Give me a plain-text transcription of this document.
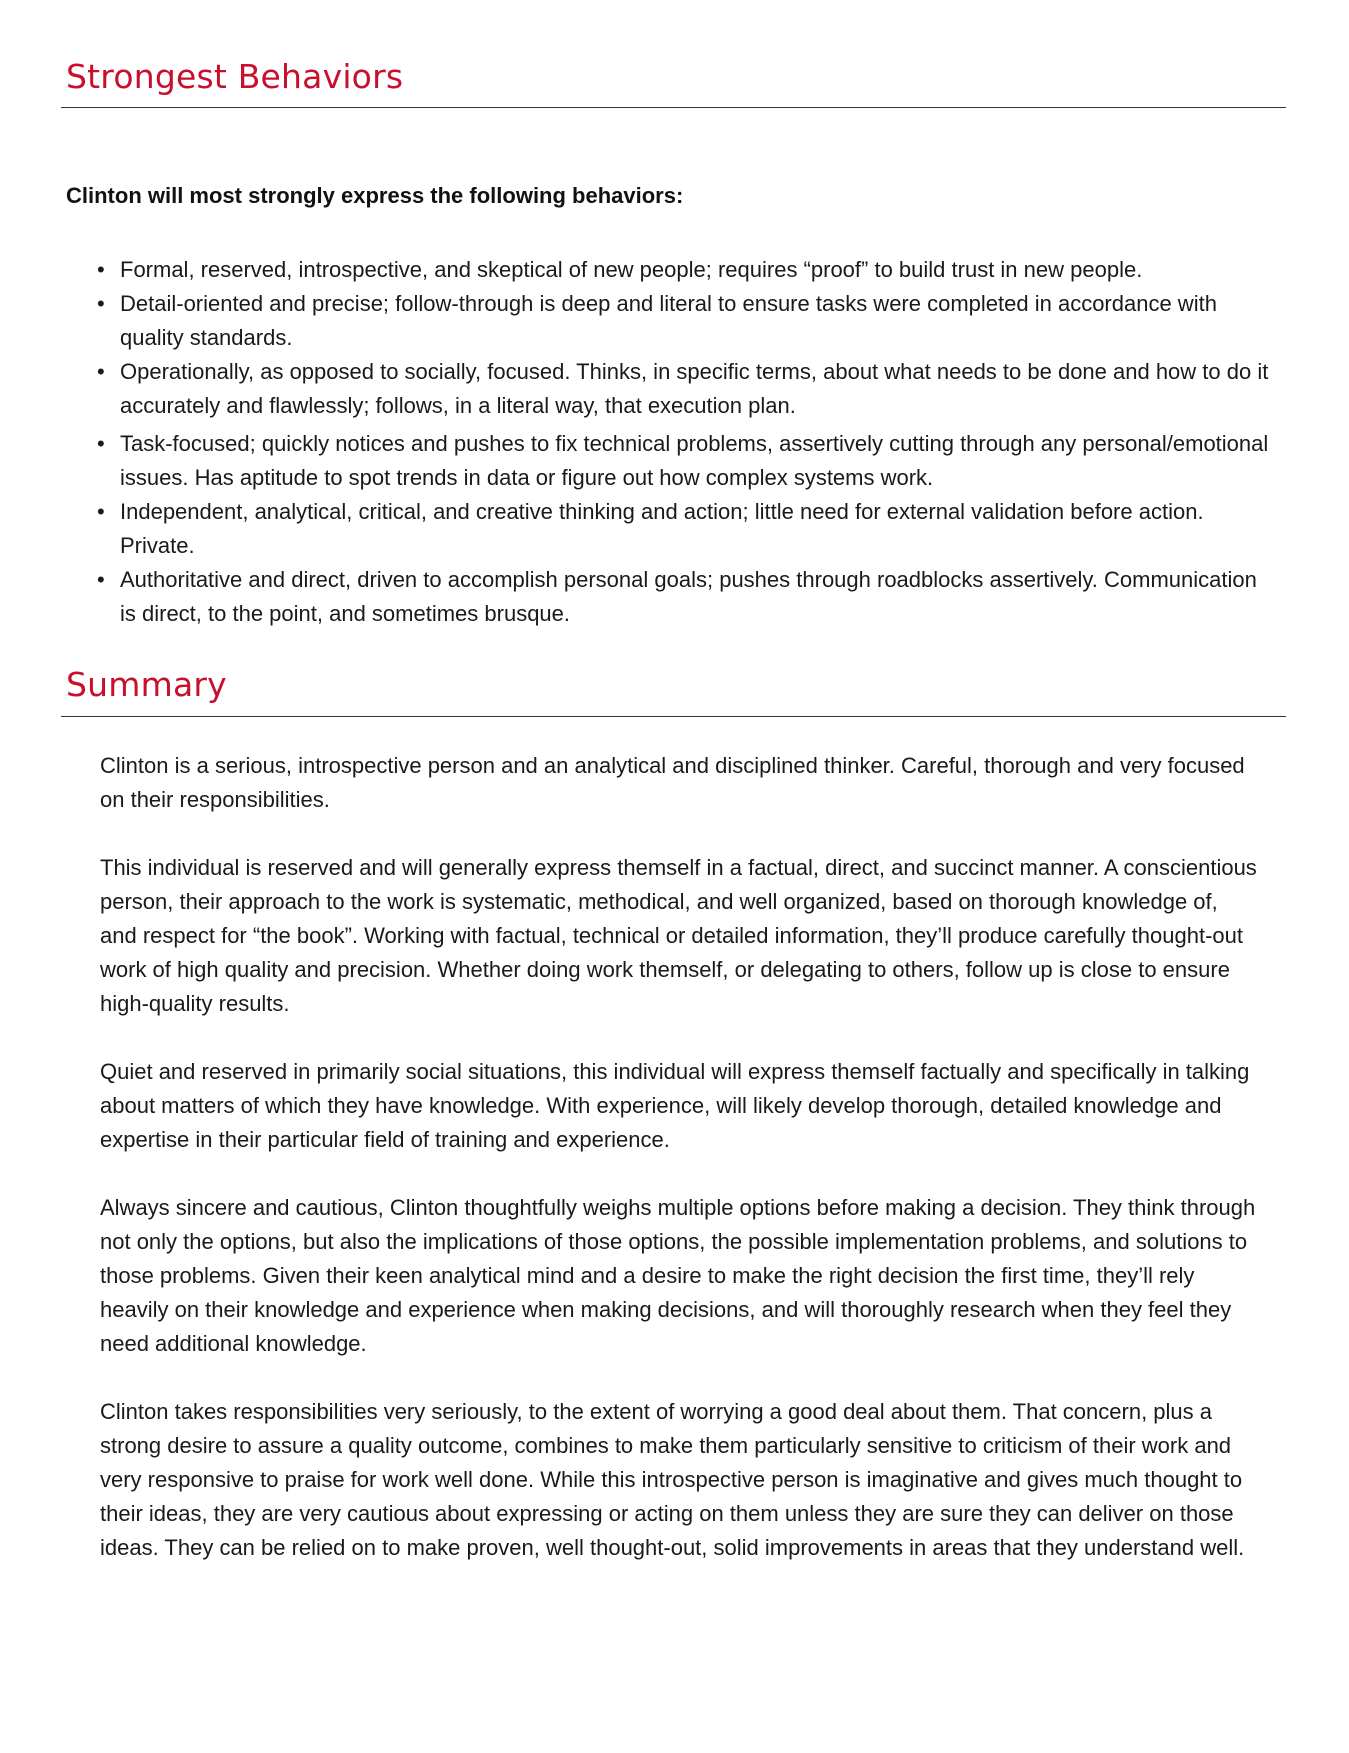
Strongest Behaviors

Clinton will most strongly express the following behaviors:

• Formal, reserved, introspective, and skeptical of new people; requires “proof” to build trust in new people.
• Detail-oriented and precise; follow-through is deep and literal to ensure tasks were completed in accordance with quality standards.
• Operationally, as opposed to socially, focused. Thinks, in specific terms, about what needs to be done and how to do it accurately and flawlessly; follows, in a literal way, that execution plan.
• Task-focused; quickly notices and pushes to fix technical problems, assertively cutting through any personal/emotional issues. Has aptitude to spot trends in data or figure out how complex systems work.
• Independent, analytical, critical, and creative thinking and action; little need for external validation before action. Private.
• Authoritative and direct, driven to accomplish personal goals; pushes through roadblocks assertively. Communication is direct, to the point, and sometimes brusque.
Summary

Clinton is a serious, introspective person and an analytical and disciplined thinker. Careful, thorough and very focused on their responsibilities.

This individual is reserved and will generally express themself in a factual, direct, and succinct manner. A conscientious person, their approach to the work is systematic, methodical, and well organized, based on thorough knowledge of, and respect for “the book”. Working with factual, technical or detailed information, they’ll produce carefully thought-out work of high quality and precision. Whether doing work themself, or delegating to others, follow up is close to ensure high-quality results.

Quiet and reserved in primarily social situations, this individual will express themself factually and specifically in talking about matters of which they have knowledge. With experience, will likely develop thorough, detailed knowledge and expertise in their particular field of training and experience.

Always sincere and cautious, Clinton thoughtfully weighs multiple options before making a decision. They think through not only the options, but also the implications of those options, the possible implementation problems, and solutions to those problems. Given their keen analytical mind and a desire to make the right decision the first time, they’ll rely heavily on their knowledge and experience when making decisions, and will thoroughly research when they feel they need additional knowledge.

Clinton takes responsibilities very seriously, to the extent of worrying a good deal about them. That concern, plus a strong desire to assure a quality outcome, combines to make them particularly sensitive to criticism of their work and very responsive to praise for work well done. While this introspective person is imaginative and gives much thought to their ideas, they are very cautious about expressing or acting on them unless they are sure they can deliver on those ideas. They can be relied on to make proven, well thought-out, solid improvements in areas that they understand well.
